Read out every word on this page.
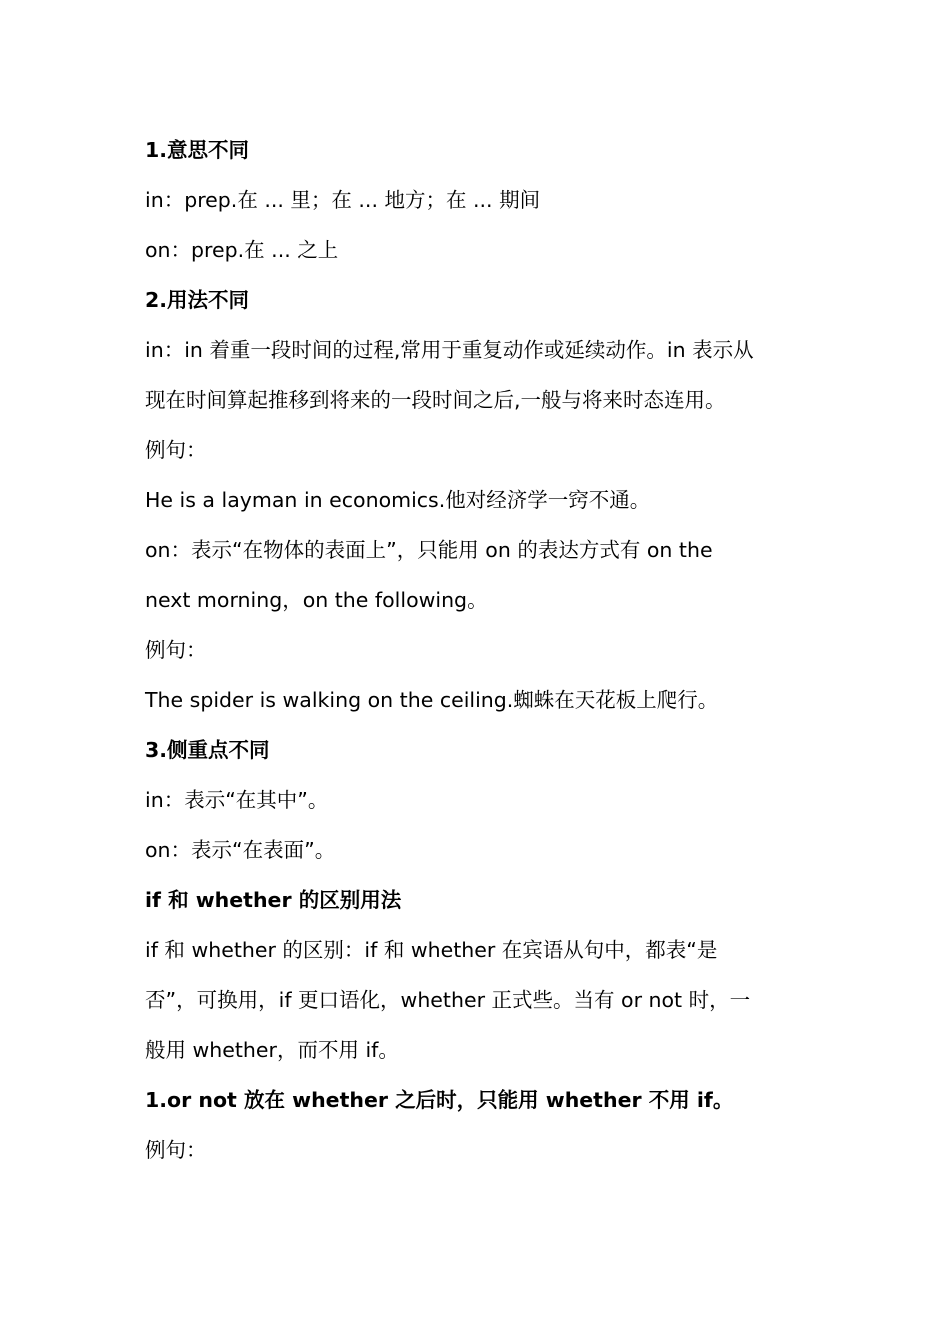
1.意思不同

in：prep.在 ... 里；在 ... 地方；在 ... 期间

on：prep.在 ... 之上

2.用法不同

in：in 着重一段时间的过程,常用于重复动作或延续动作。in 表示从

现在时间算起推移到将来的一段时间之后,一般与将来时态连用。

例句：

He is a layman in economics.他对经济学一窍不通。

on：表示“在物体的表面上”，只能用 on 的表达方式有 on the

next morning，on the following。

例句：

The spider is walking on the ceiling.蜘蛛在天花板上爬行。

3.侧重点不同

in：表示“在其中”。

on：表示“在表面”。

if 和 whether 的区别用法

if 和 whether 的区别：if 和 whether 在宾语从句中，都表“是

否”，可换用，if 更口语化，whether 正式些。当有 or not 时，一

般用 whether，而不用 if。

1.or not 放在 whether 之后时，只能用 whether 不用 if。

例句：
